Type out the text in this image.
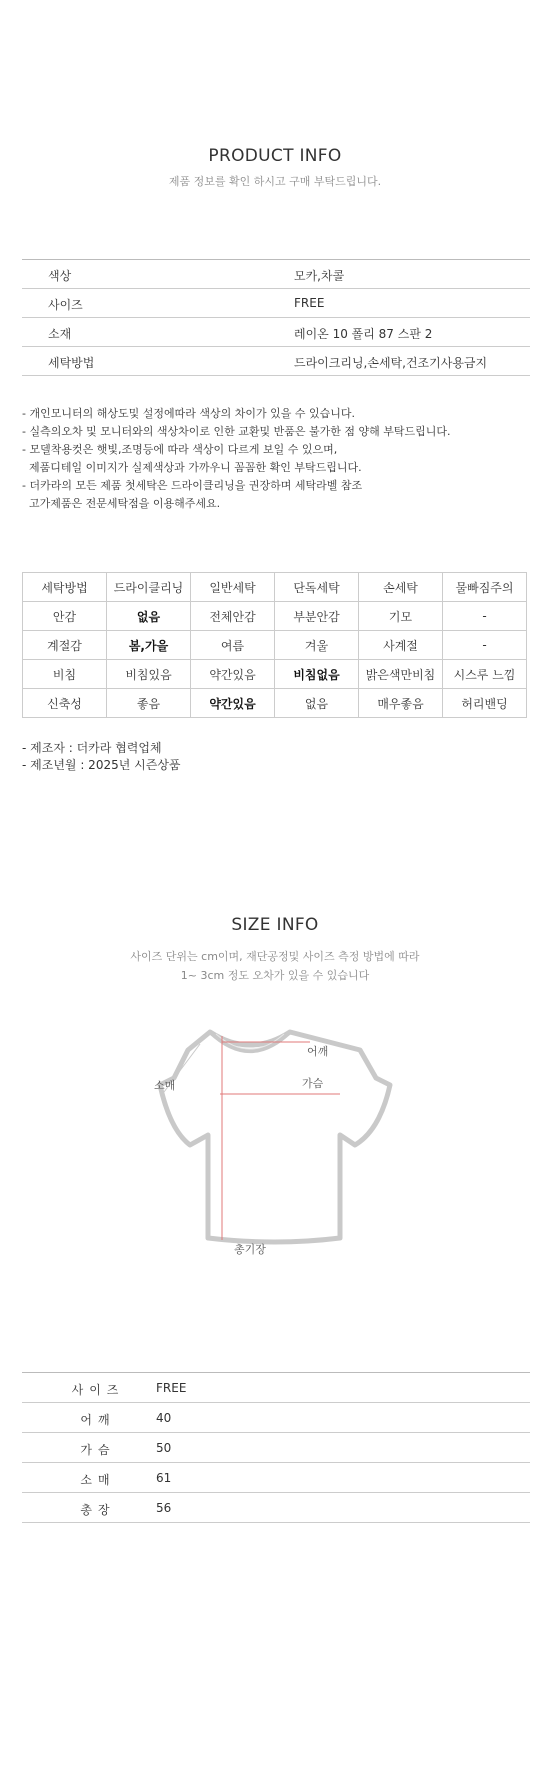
PRODUCT INFO
제품 정보를 확인 하시고 구매 부탁드립니다.
색상	모카,차콜
사이즈	FREE
소재	레이온 10 폴리 87 스판 2
세탁방법	드라이크리닝,손세탁,건조기사용금지
- 개인모니터의 해상도및 설정에따라 색상의 차이가 있을 수 있습니다.
- 실측의오차 및 모니터와의 색상차이로 인한 교환및 반품은 불가한 점 양해 부탁드립니다.
- 모델착용컷은 햇빛,조명등에 따라 색상이 다르게 보일 수 있으며,
제품디테일 이미지가 실제색상과 가까우니 꼼꼼한 확인 부탁드립니다.
- 더카라의 모든 제품 첫세탁은 드라이클리닝을 권장하며 세탁라벨 참조
고가제품은 전문세탁점을 이용해주세요.
세탁방법	드라이클리닝	일반세탁	단독세탁	손세탁	물빠짐주의
안감	없음	전체안감	부분안감	기모	-
계절감	봄,가을	여름	겨울	사계절	-
비침	비침있음	약간있음	비침없음	밝은색만비침	시스루 느낌
신축성	좋음	약간있음	없음	매우좋음	허리밴딩
- 제조자 : 더카라 협력업체
- 제조년월 : 2025년 시즌상품
SIZE INFO
사이즈 단위는 cm이며, 재단공정및 사이즈 측정 방법에 따라
1~ 3cm 정도 오차가 있을 수 있습니다
어깨
소매	가슴
총기장
사이즈	FREE
어깨	40
가슴	50
소매	61
총장	56
